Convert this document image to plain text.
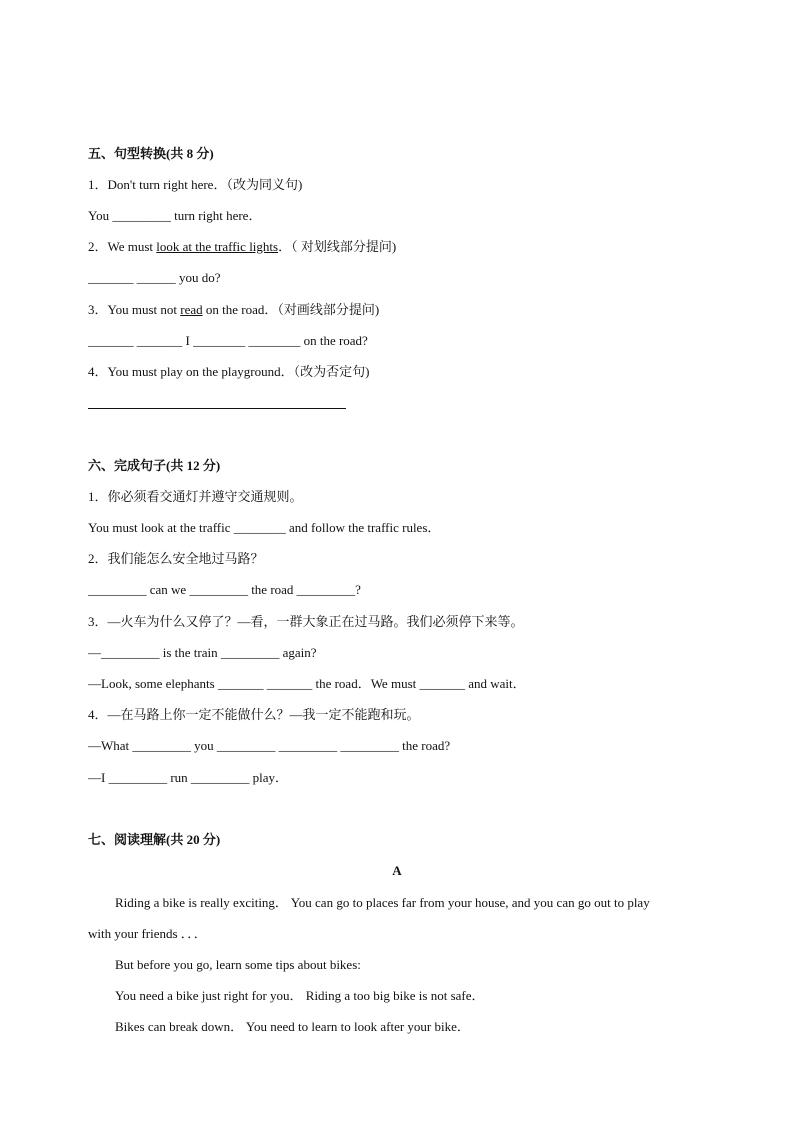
五、句型转换(共 8 分)
1．Don't turn right here．（改为同义句)
You _________ turn right here．
2．We must look at the traffic lights．（ 对划线部分提问)
_______ ______ you do?
3．You must not read on the road．（对画线部分提问)
_______ _______ I ________ ________ on the road?
4．You must play on the playground．（改为否定句)
六、完成句子(共 12 分)
1．你必须看交通灯并遵守交通规则。
You must look at the traffic ________ and follow the traffic rules．
2．我们能怎么安全地过马路？
_________ can we _________ the road _________?
3．—火车为什么又停了？—看，一群大象正在过马路。我们必须停下来等。
—_________ is the train _________ again?
—Look, some elephants _______ _______ the road．We must _______ and wait．
4．—在马路上你一定不能做什么？—我一定不能跑和玩。
—What _________ you _________ _________ _________ the road?
—I _________ run _________ play．
七、阅读理解(共 20 分)
A
Riding a bike is really exciting． You can go to places far from your house, and you can go out to play
with your friends ．．．
But before you go, learn some tips about bikes:
You need a bike just right for you． Riding a too big bike is not safe．
Bikes can break down． You need to learn to look after your bike．
